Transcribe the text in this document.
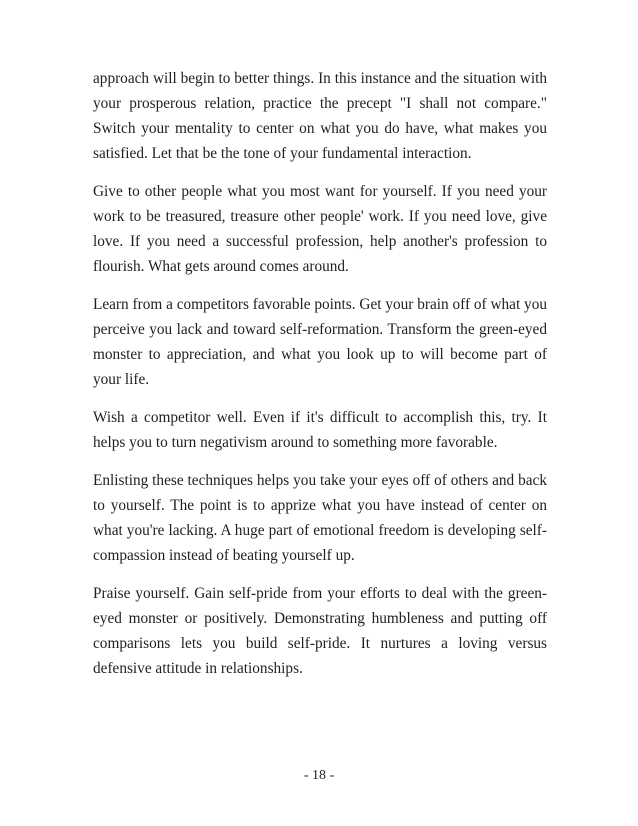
approach will begin to better things. In this instance and the situation with your prosperous relation, practice the precept "I shall not compare." Switch your mentality to center on what you do have, what makes you satisfied. Let that be the tone of your fundamental interaction.

Give to other people what you most want for yourself. If you need your work to be treasured, treasure other people' work. If you need love, give love. If you need a successful profession, help another's profession to flourish. What gets around comes around.

Learn from a competitors favorable points. Get your brain off of what you perceive you lack and toward self-reformation. Transform the green-eyed monster to appreciation, and what you look up to will become part of your life.

Wish a competitor well. Even if it's difficult to accomplish this, try. It helps you to turn negativism around to something more favorable.

Enlisting these techniques helps you take your eyes off of others and back to yourself. The point is to apprize what you have instead of center on what you're lacking. A huge part of emotional freedom is developing self-compassion instead of beating yourself up.

Praise yourself. Gain self-pride from your efforts to deal with the green-eyed monster or positively. Demonstrating humbleness and putting off comparisons lets you build self-pride. It nurtures a loving versus defensive attitude in relationships.

- 18 -
